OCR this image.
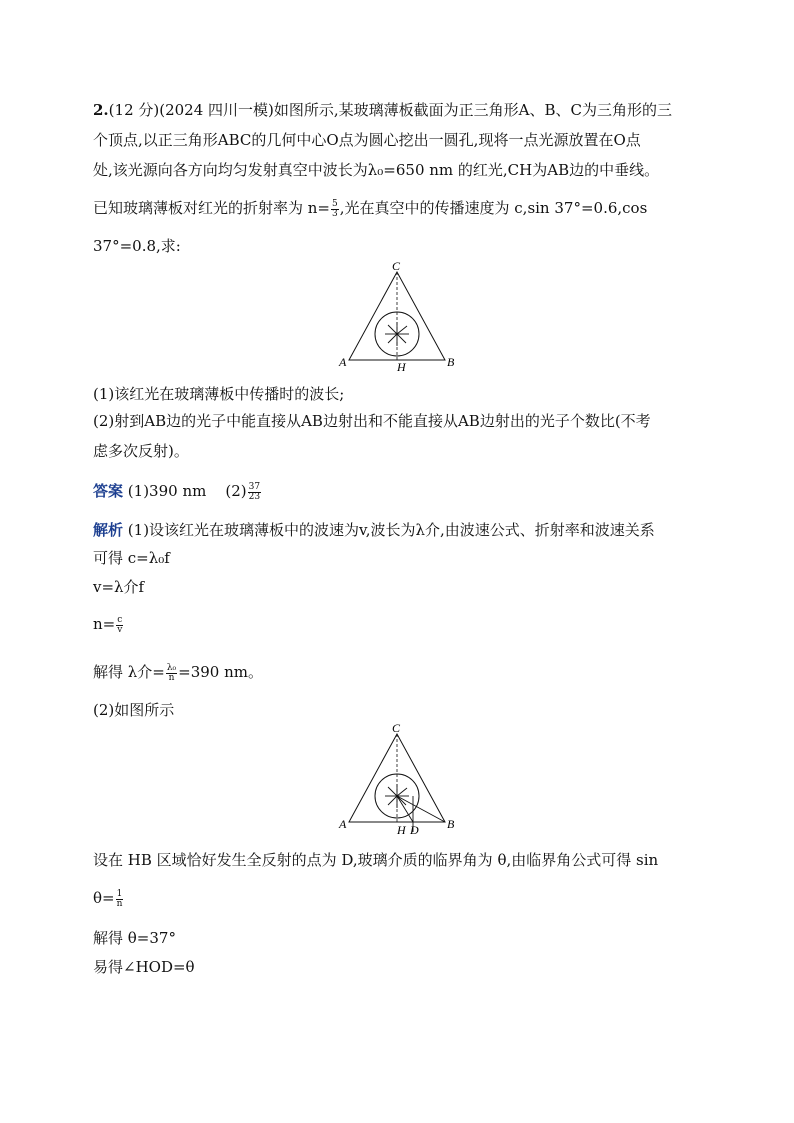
2.(12 分)(2024 四川一模)如图所示,某玻璃薄板截面为正三角形A、B、C为三角形的三
个顶点,以正三角形ABC的几何中心O点为圆心挖出一圆孔,现将一点光源放置在O点
处,该光源向各方向均匀发射真空中波长为λ₀=650 nm 的红光,CH为AB边的中垂线。
已知玻璃薄板对红光的折射率为 $n= \frac{5}{3}$ ,光在真空中的传播速度为 c,sin 37°=0.6,cos
37°=0.8,求:
C
A	B
H
(1)该红光在玻璃薄板中传播时的波长;
(2)射到AB边的光子中能直接从AB边射出和不能直接从AB边射出的光子个数比(不考
虑多次反射)。
答案 (1)390 nm $(2) \frac{37}{23}$
解析 (1)设该红光在玻璃薄板中的波速为v,波长为λ介,由波速公式、折射率和波速关系
可得 c=λ₀f
v=λ介f
$n= \frac{c}{v}$
解得 λ介= $\frac{\text{λ₀}}{n} =390$ nm。
(2)如图所示
C
A	B
H D
设在 HB 区域恰好发生全反射的点为 D,玻璃介质的临界角为 θ,由临界角公式可得 sin
$\theta= \frac{1}{n}$
解得 θ=37°
易得∠HOD=θ
